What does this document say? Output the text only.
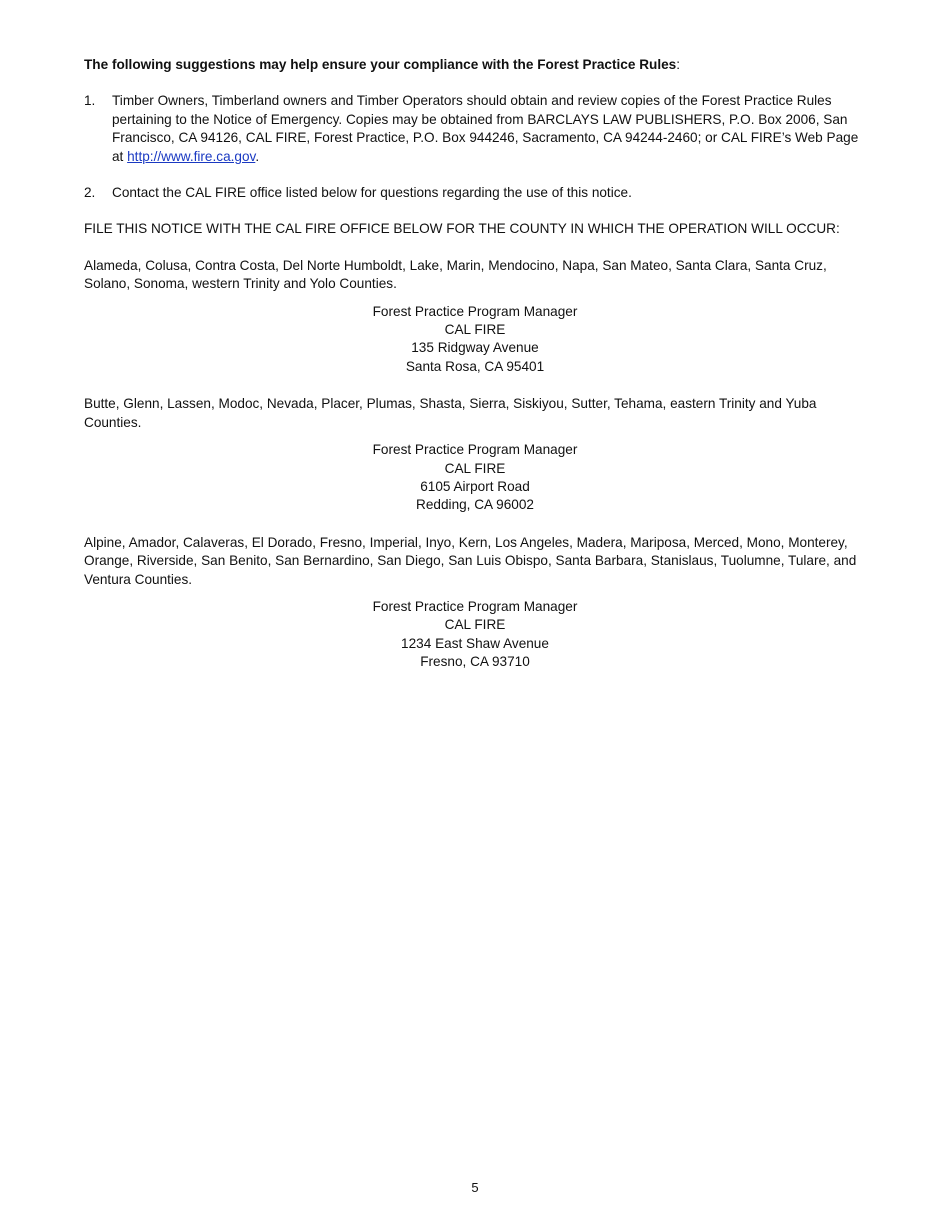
The following suggestions may help ensure your compliance with the Forest Practice Rules:

1. Timber Owners, Timberland owners and Timber Operators should obtain and review copies of the Forest Practice Rules pertaining to the Notice of Emergency. Copies may be obtained from BARCLAYS LAW PUBLISHERS, P.O. Box 2006, San Francisco, CA 94126, CAL FIRE, Forest Practice, P.O. Box 944246, Sacramento, CA 94244-2460; or CAL FIRE’s Web Page at http://www.fire.ca.gov.
2. Contact the CAL FIRE office listed below for questions regarding the use of this notice.

FILE THIS NOTICE WITH THE CAL FIRE OFFICE BELOW FOR THE COUNTY IN WHICH THE OPERATION WILL OCCUR:

Alameda, Colusa, Contra Costa, Del Norte Humboldt, Lake, Marin, Mendocino, Napa, San Mateo, Santa Clara, Santa Cruz, Solano, Sonoma, western Trinity and Yolo Counties.

Forest Practice Program Manager
CAL FIRE
135 Ridgway Avenue
Santa Rosa, CA 95401

Butte, Glenn, Lassen, Modoc, Nevada, Placer, Plumas, Shasta, Sierra, Siskiyou, Sutter, Tehama, eastern Trinity and Yuba Counties.

Forest Practice Program Manager
CAL FIRE
6105 Airport Road
Redding, CA 96002

Alpine, Amador, Calaveras, El Dorado, Fresno, Imperial, Inyo, Kern, Los Angeles, Madera, Mariposa, Merced, Mono, Monterey, Orange, Riverside, San Benito, San Bernardino, San Diego, San Luis Obispo, Santa Barbara, Stanislaus, Tuolumne, Tulare, and Ventura Counties.

Forest Practice Program Manager
CAL FIRE
1234 East Shaw Avenue
Fresno, CA 93710
5
